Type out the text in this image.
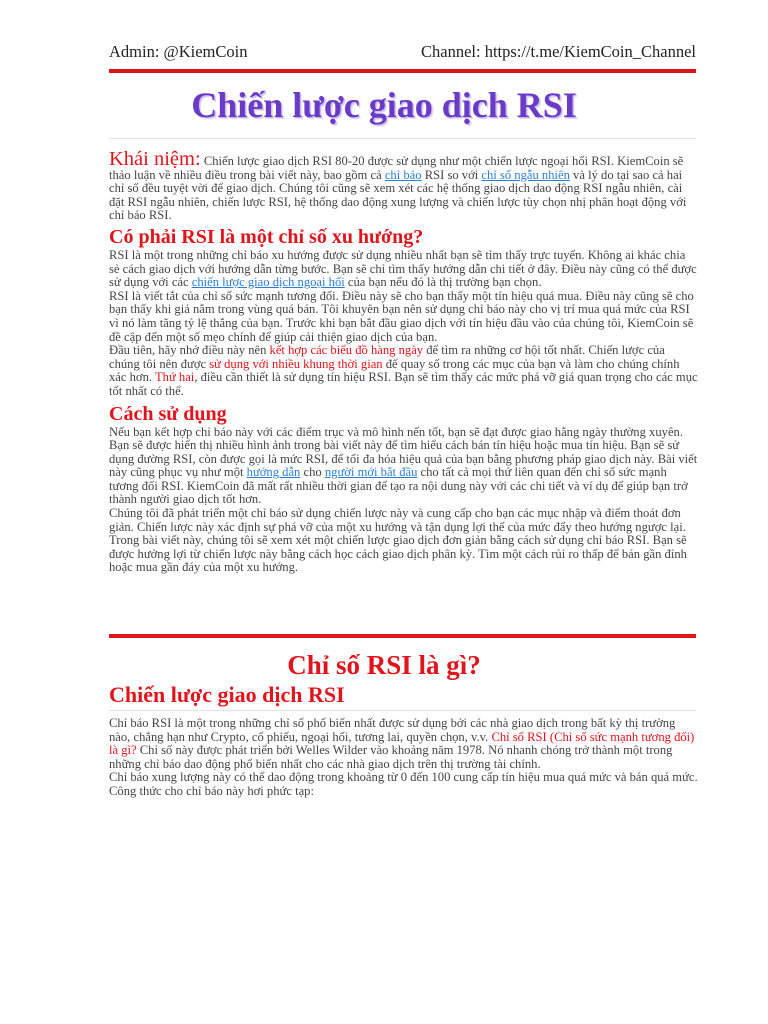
Admin: @KiemCoin	Channel: https://t.me/KiemCoin_Channel
Chiến lược giao dịch RSI

Khái niệm: Chiến lược giao dịch RSI 80-20 được sử dụng như một chiến lược ngoại hối RSI. KiemCoin sẽ thảo luận về nhiều điều trong bài viết này, bao gồm cả chỉ báo RSI so với chỉ số ngẫu nhiên và lý do tại sao cả hai chỉ số đều tuyệt vời để giao dịch. Chúng tôi cũng sẽ xem xét các hệ thống giao dịch dao động RSI ngẫu nhiên, cài đặt RSI ngẫu nhiên, chiến lược RSI, hệ thống dao động xung lượng và chiến lược tùy chọn nhị phân hoạt động với chỉ báo RSI.

Có phải RSI là một chỉ số xu hướng?

RSI là một trong những chỉ báo xu hướng được sử dụng nhiều nhất bạn sẽ tìm thấy trực tuyến. Không ai khác chia sẻ cách giao dịch với hướng dẫn từng bước. Bạn sẽ chỉ tìm thấy hướng dẫn chi tiết ở đây. Điều này cũng có thể được sử dụng với các chiến lược giao dịch ngoại hối của bạn nếu đó là thị trường bạn chọn.

RSI là viết tắt của chỉ số sức mạnh tương đối. Điều này sẽ cho bạn thấy một tín hiệu quá mua. Điều này cũng sẽ cho bạn thấy khi giá nằm trong vùng quá bán. Tôi khuyên bạn nên sử dụng chỉ báo này cho vị trí mua quá mức của RSI vì nó làm tăng tỷ lệ thắng của bạn. Trước khi bạn bắt đầu giao dịch với tín hiệu đầu vào của chúng tôi, KiemCoin sẽ đề cập đến một số mẹo chính để giúp cải thiện giao dịch của bạn.

Đầu tiên, hãy nhớ điều này nên kết hợp các biểu đồ hàng ngày để tìm ra những cơ hội tốt nhất. Chiến lược của chúng tôi nên được sử dụng với nhiều khung thời gian để quay số trong các mục của bạn và làm cho chúng chính xác hơn. Thứ hai, điều cần thiết là sử dụng tín hiệu RSI. Bạn sẽ tìm thấy các mức phá vỡ giá quan trọng cho các mục tốt nhất có thể.

Cách sử dụng

Nếu bạn kết hợp chỉ báo này với các điểm trục và mô hình nến tốt, bạn sẽ đạt được giao hằng ngày thường xuyên.

Bạn sẽ được hiển thị nhiều hình ảnh trong bài viết này để tìm hiểu cách bán tín hiệu hoặc mua tín hiệu. Bạn sẽ sử dụng đường RSI, còn được gọi là mức RSI, để tối đa hóa hiệu quả của bạn bằng phương pháp giao dịch này. Bài viết này cũng phục vụ như một hướng dẫn cho người mới bắt đầu cho tất cả mọi thứ liên quan đến chỉ số sức mạnh tương đối RSI. KiemCoin đã mất rất nhiều thời gian để tạo ra nội dung này với các chi tiết và ví dụ để giúp bạn trở thành người giao dịch tốt hơn.

Chúng tôi đã phát triển một chỉ báo sử dụng chiến lược này và cung cấp cho bạn các mục nhập và điểm thoát đơn giản. Chiến lược này xác định sự phá vỡ của một xu hướng và tận dụng lợi thế của mức đẩy theo hướng ngược lại. Trong bài viết này, chúng tôi sẽ xem xét một chiến lược giao dịch đơn giản bằng cách sử dụng chỉ báo RSI. Bạn sẽ được hưởng lợi từ chiến lược này bằng cách học cách giao dịch phân kỳ. Tìm một cách rủi ro thấp để bán gần đỉnh hoặc mua gần đáy của một xu hướng.

Chỉ số RSI là gì?
Chiến lược giao dịch RSI

Chỉ báo RSI là một trong những chỉ số phổ biến nhất được sử dụng bởi các nhà giao dịch trong bất kỳ thị trường nào, chẳng hạn như Crypto, cổ phiếu, ngoại hối, tương lai, quyền chọn, v.v. Chỉ số RSI (Chỉ số sức mạnh tương đối) là gì? Chỉ số này được phát triển bởi Welles Wilder vào khoảng năm 1978. Nó nhanh chóng trở thành một trong những chỉ báo dao động phổ biến nhất cho các nhà giao dịch trên thị trường tài chính.

Chỉ báo xung lượng này có thể dao động trong khoảng từ 0 đến 100 cung cấp tín hiệu mua quá mức và bán quá mức.

Công thức cho chỉ báo này hơi phức tạp:
